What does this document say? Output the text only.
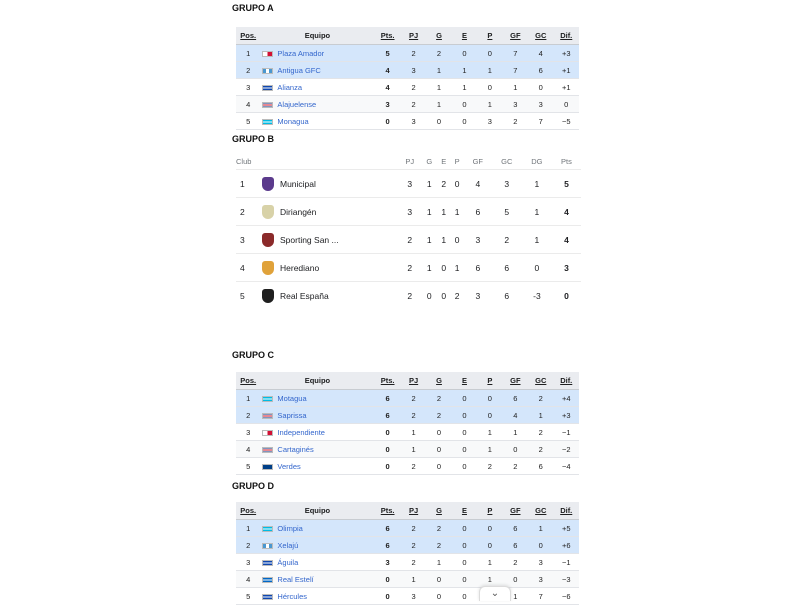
GRUPO A
Pos.	Equipo	Pts.	PJ	G	E	P	GF	GC	Dif.
1	Plaza Amador	5	2	2	0	0	7	4	+3
2	Antigua GFC	4	3	1	1	1	7	6	+1
3	Alianza	4	2	1	1	0	1	0	+1
4	Alajuelense	3	2	1	0	1	3	3	0
5	Monagua	0	3	0	0	3	2	7	−5
GRUPO B
Club			PJ	G	E	P	GF	GC	DG	Pts
1		Municipal	3	1	2	0	4	3	1	5
2		Diriangén	3	1	1	1	6	5	1	4
3		Sporting San ...	2	1	1	0	3	2	1	4
4		Herediano	2	1	0	1	6	6	0	3
5		Real España	2	0	0	2	3	6	-3	0
GRUPO C
Pos.	Equipo	Pts.	PJ	G	E	P	GF	GC	Dif.
1	Motagua	6	2	2	0	0	6	2	+4
2	Saprissa	6	2	2	0	0	4	1	+3
3	Independiente	0	1	0	0	1	1	2	−1
4	Cartaginés	0	1	0	0	1	0	2	−2
5	Verdes	0	2	0	0	2	2	6	−4
GRUPO D
Pos.	Equipo	Pts.	PJ	G	E	P	GF	GC	Dif.
1	Olimpia	6	2	2	0	0	6	1	+5
2	Xelajú	6	2	2	0	0	6	0	+6
3	Águila	3	2	1	0	1	2	3	−1
4	Real Estelí	0	1	0	0	1	0	3	−3
5	Hércules	0	3	0	0		1	7	−6
⌄
